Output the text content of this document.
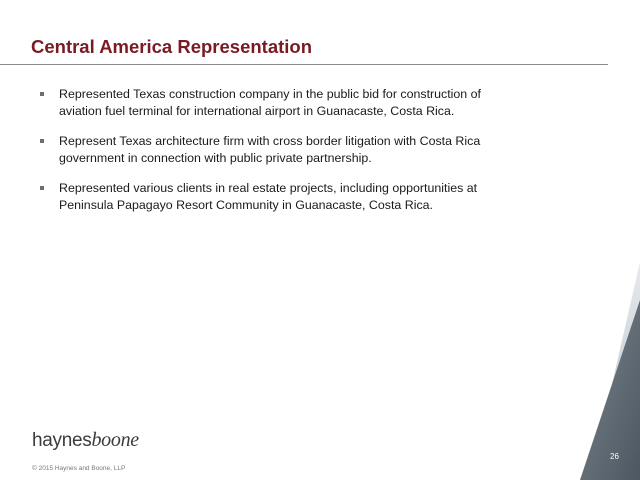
Central America Representation
Represented Texas construction company in the public bid for construction of aviation fuel terminal for international airport in Guanacaste, Costa Rica.
Represent Texas architecture firm with cross border litigation with Costa Rica government in connection with public private partnership.
Represented various clients in real estate projects, including opportunities at Peninsula Papagayo Resort Community in Guanacaste, Costa Rica.
haynesboone
© 2015 Haynes and Boone, LLP
26
